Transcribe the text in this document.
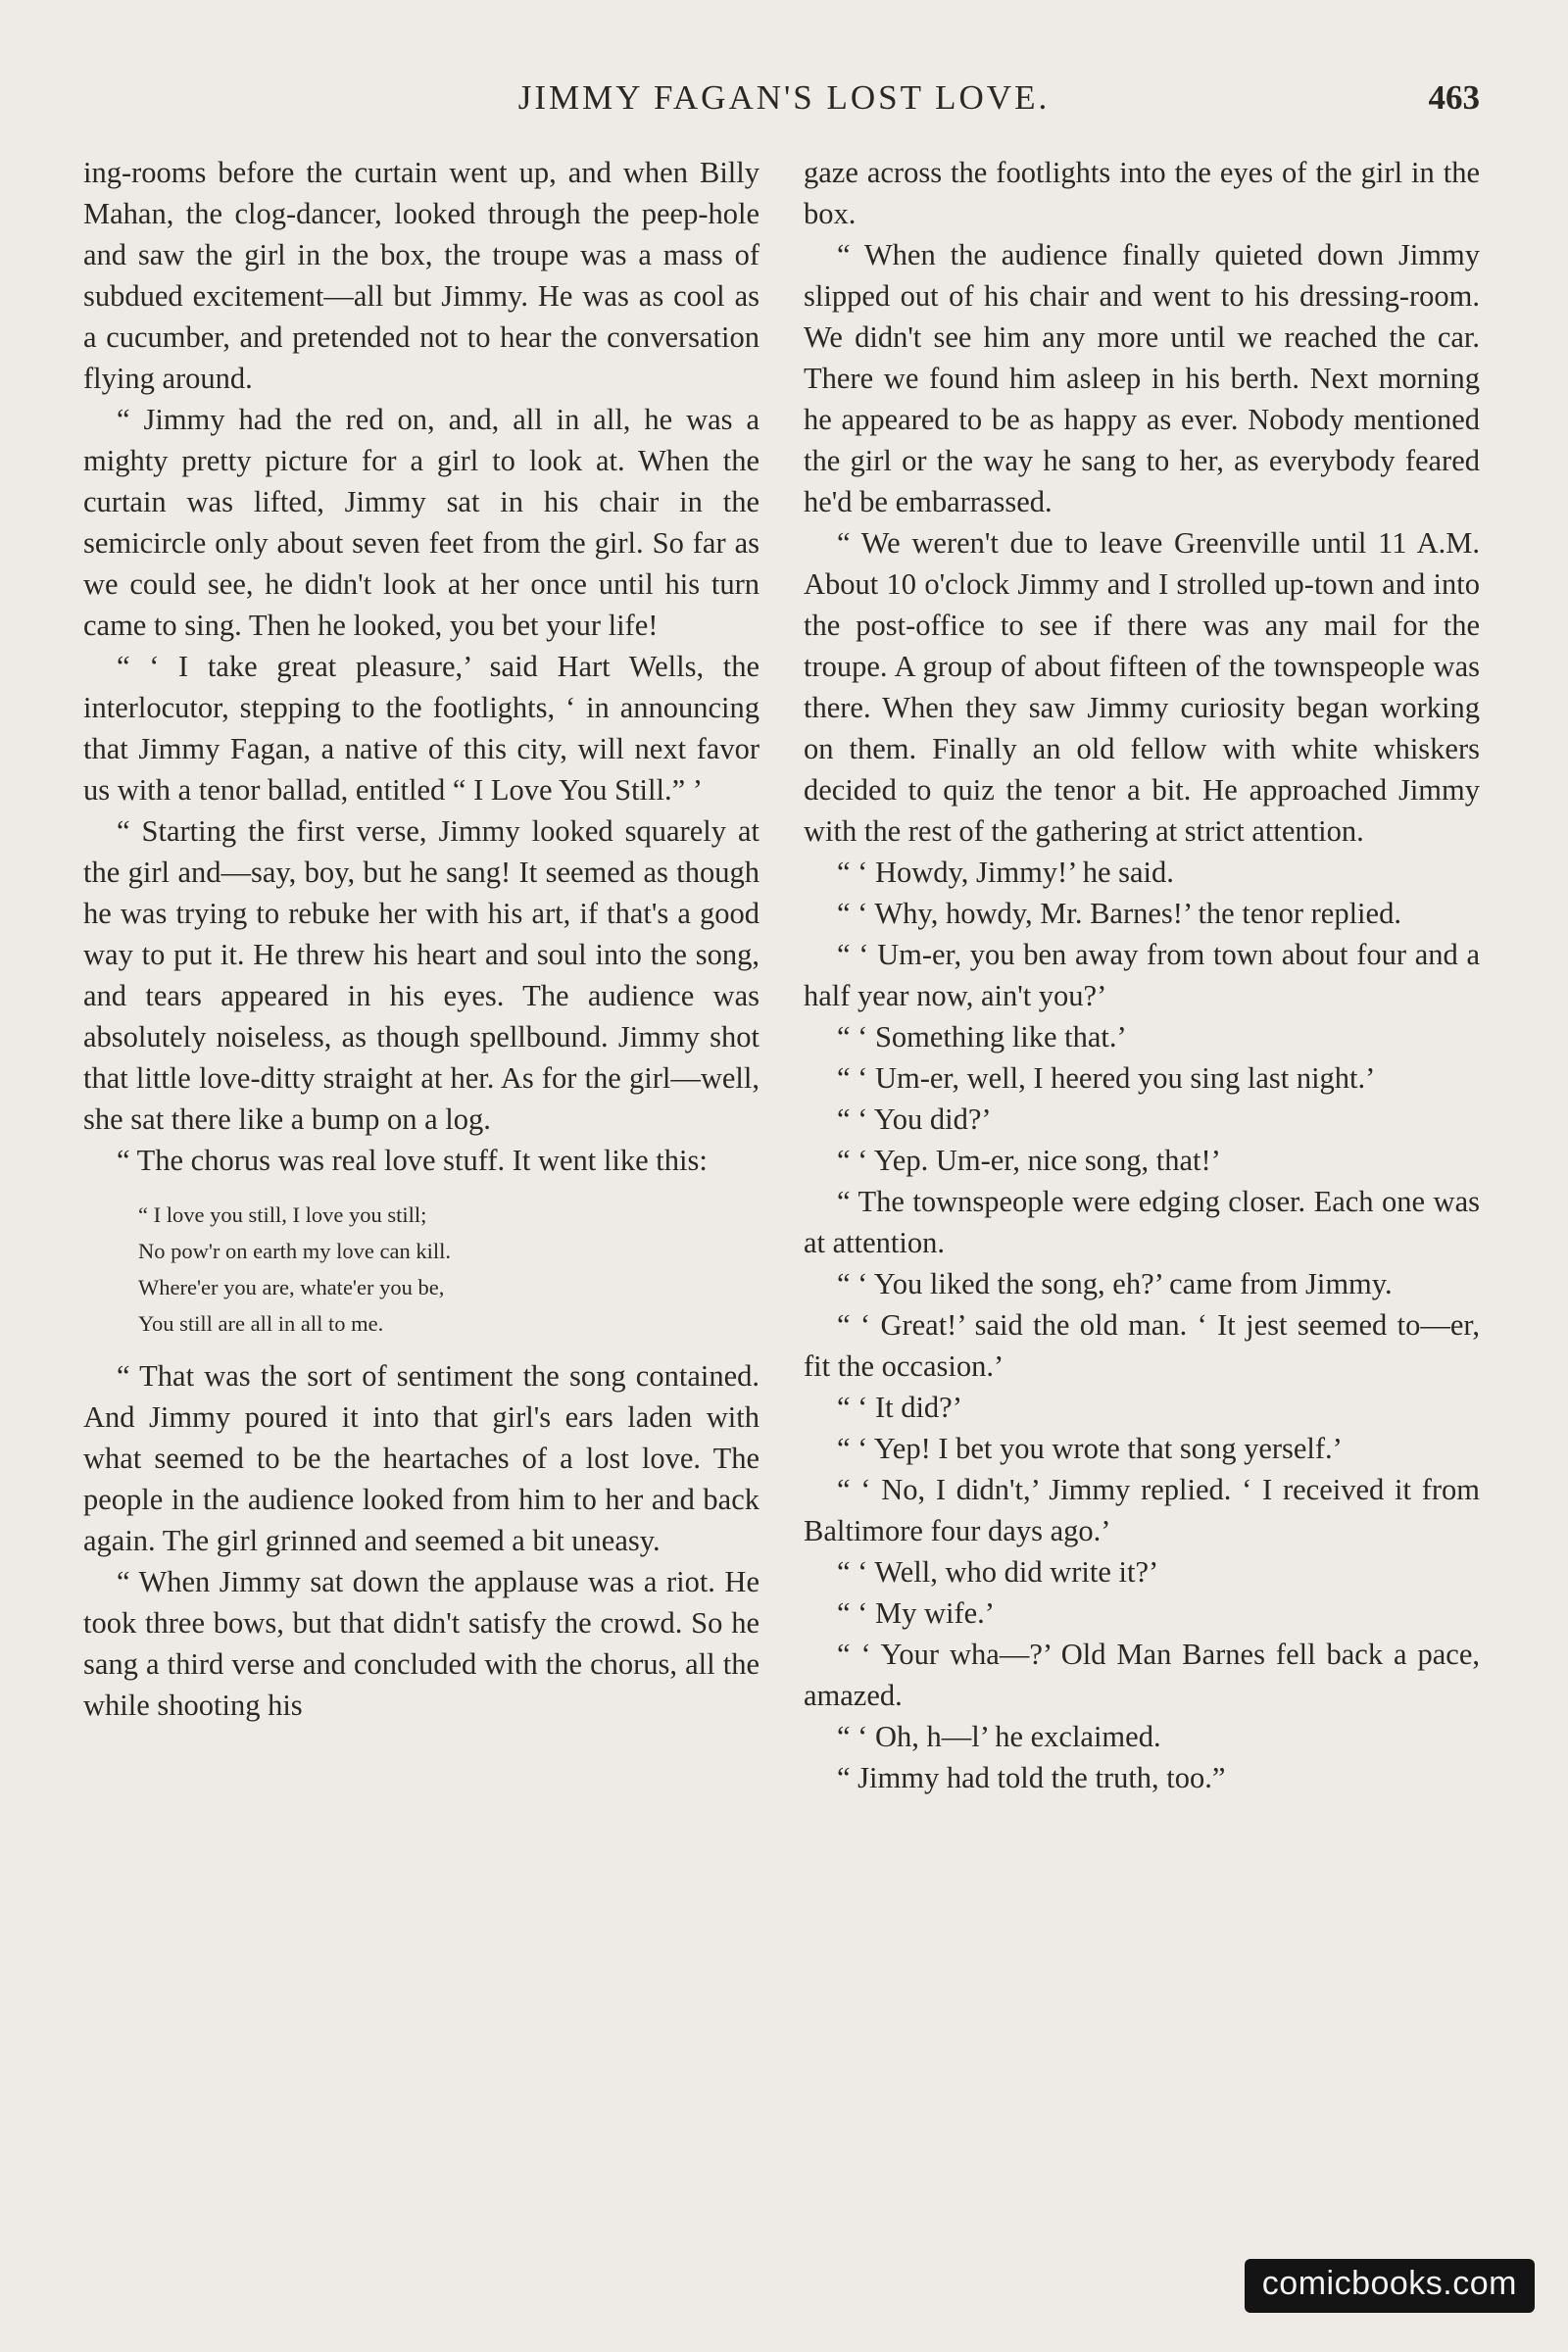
JIMMY FAGAN'S LOST LOVE.	463

ing-rooms before the curtain went up, and when Billy Mahan, the clog-dancer, looked through the peep-hole and saw the girl in the box, the troupe was a mass of subdued excitement—all but Jimmy. He was as cool as a cucumber, and pretended not to hear the conversation flying around.

“ Jimmy had the red on, and, all in all, he was a mighty pretty picture for a girl to look at. When the curtain was lifted, Jimmy sat in his chair in the semicircle only about seven feet from the girl. So far as we could see, he didn't look at her once until his turn came to sing. Then he looked, you bet your life!

“ ‘ I take great pleasure,’ said Hart Wells, the interlocutor, stepping to the footlights, ‘ in announcing that Jimmy Fagan, a native of this city, will next favor us with a tenor ballad, entitled “ I Love You Still.” ’

“ Starting the first verse, Jimmy looked squarely at the girl and—say, boy, but he sang! It seemed as though he was trying to rebuke her with his art, if that's a good way to put it. He threw his heart and soul into the song, and tears appeared in his eyes. The audience was absolutely noiseless, as though spellbound. Jimmy shot that little love-ditty straight at her. As for the girl—well, she sat there like a bump on a log.

“ The chorus was real love stuff. It went like this:

“ I love you still, I love you still;
No pow'r on earth my love can kill.
Where'er you are, whate'er you be,
You still are all in all to me.

“ That was the sort of sentiment the song contained. And Jimmy poured it into that girl's ears laden with what seemed to be the heartaches of a lost love. The people in the audience looked from him to her and back again. The girl grinned and seemed a bit uneasy.

“ When Jimmy sat down the applause was a riot. He took three bows, but that didn't satisfy the crowd. So he sang a third verse and concluded with the chorus, all the while shooting his

gaze across the footlights into the eyes of the girl in the box.

“ When the audience finally quieted down Jimmy slipped out of his chair and went to his dressing-room. We didn't see him any more until we reached the car. There we found him asleep in his berth. Next morning he appeared to be as happy as ever. Nobody mentioned the girl or the way he sang to her, as everybody feared he'd be embarrassed.

“ We weren't due to leave Greenville until 11 A.M. About 10 o'clock Jimmy and I strolled up-town and into the post-office to see if there was any mail for the troupe. A group of about fifteen of the townspeople was there. When they saw Jimmy curiosity began working on them. Finally an old fellow with white whiskers decided to quiz the tenor a bit. He approached Jimmy with the rest of the gathering at strict attention.

“ ‘ Howdy, Jimmy!’ he said.

“ ‘ Why, howdy, Mr. Barnes!’ the tenor replied.

“ ‘ Um-er, you ben away from town about four and a half year now, ain't you?’

“ ‘ Something like that.’

“ ‘ Um-er, well, I heered you sing last night.’

“ ‘ You did?’

“ ‘ Yep. Um-er, nice song, that!’

“ The townspeople were edging closer. Each one was at attention.

“ ‘ You liked the song, eh?’ came from Jimmy.

“ ‘ Great!’ said the old man. ‘ It jest seemed to—er, fit the occasion.’

“ ‘ It did?’

“ ‘ Yep! I bet you wrote that song yerself.’

“ ‘ No, I didn't,’ Jimmy replied. ‘ I received it from Baltimore four days ago.’

“ ‘ Well, who did write it?’

“ ‘ My wife.’

“ ‘ Your wha—?’ Old Man Barnes fell back a pace, amazed.

“ ‘ Oh, h—l’ he exclaimed.

“ Jimmy had told the truth, too.”

comicbooks.com
